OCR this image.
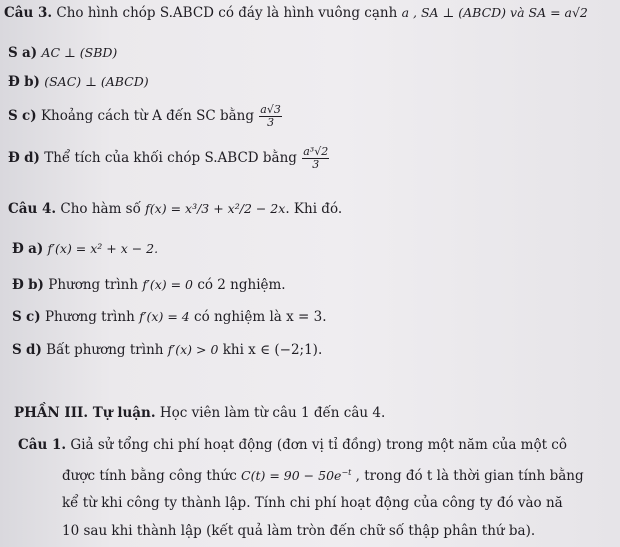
Câu 3. Cho hình chóp S.ABCD có đáy là hình vuông cạnh a , SA ⊥ (ABCD) và SA = a√2
S a) AC ⊥ (SBD)
Đ b) (SAC) ⊥ (ABCD)
S c) Khoảng cách từ A đến SC bằng $\frac{a√3}{3}$
Đ d) Thể tích của khối chóp S.ABCD bằng $\frac{\text{a³√2}}{3}$
Câu 4. Cho hàm số f(x) = x³/3 + x²/2 − 2x. Khi đó.
Đ a) f′(x) = x² + x − 2.
Đ b) Phương trình f′(x) = 0 có 2 nghiệm.
S c) Phương trình f′(x) = 4 có nghiệm là x = 3.
S d) Bất phương trình f′(x) > 0 khi x ∈ (−2;1).
PHẦN III. Tự luận. Học viên làm từ câu 1 đến câu 4.
Câu 1. Giả sử tổng chi phí hoạt động (đơn vị tỉ đồng) trong một năm của một cô
được tính bằng công thức $C(t) = 90 - 50e^{-t}$ , trong đó t là thời gian tính bằng
kể từ khi công ty thành lập. Tính chi phí hoạt động của công ty đó vào nă
10 sau khi thành lập (kết quả làm tròn đến chữ số thập phân thứ ba).
